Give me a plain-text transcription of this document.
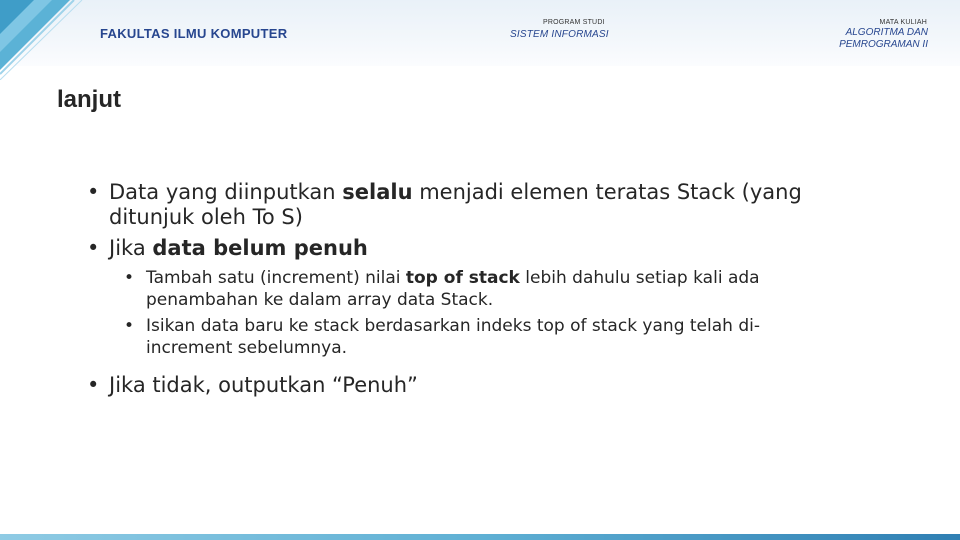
FAKULTAS ILMU KOMPUTER
PROGRAM STUDI
SISTEM INFORMASI
MATA KULIAH
ALGORITMA DAN
PEMROGRAMAN II
lanjut
• Data yang diinputkan selalu menjadi elemen teratas Stack (yang ditunjuk oleh To S)
• Jika data belum penuh
• Tambah satu (increment) nilai top of stack lebih dahulu setiap kali ada penambahan ke dalam array data Stack.
• Isikan data baru ke stack berdasarkan indeks top of stack yang telah di-increment sebelumnya.
• Jika tidak, outputkan “Penuh”
